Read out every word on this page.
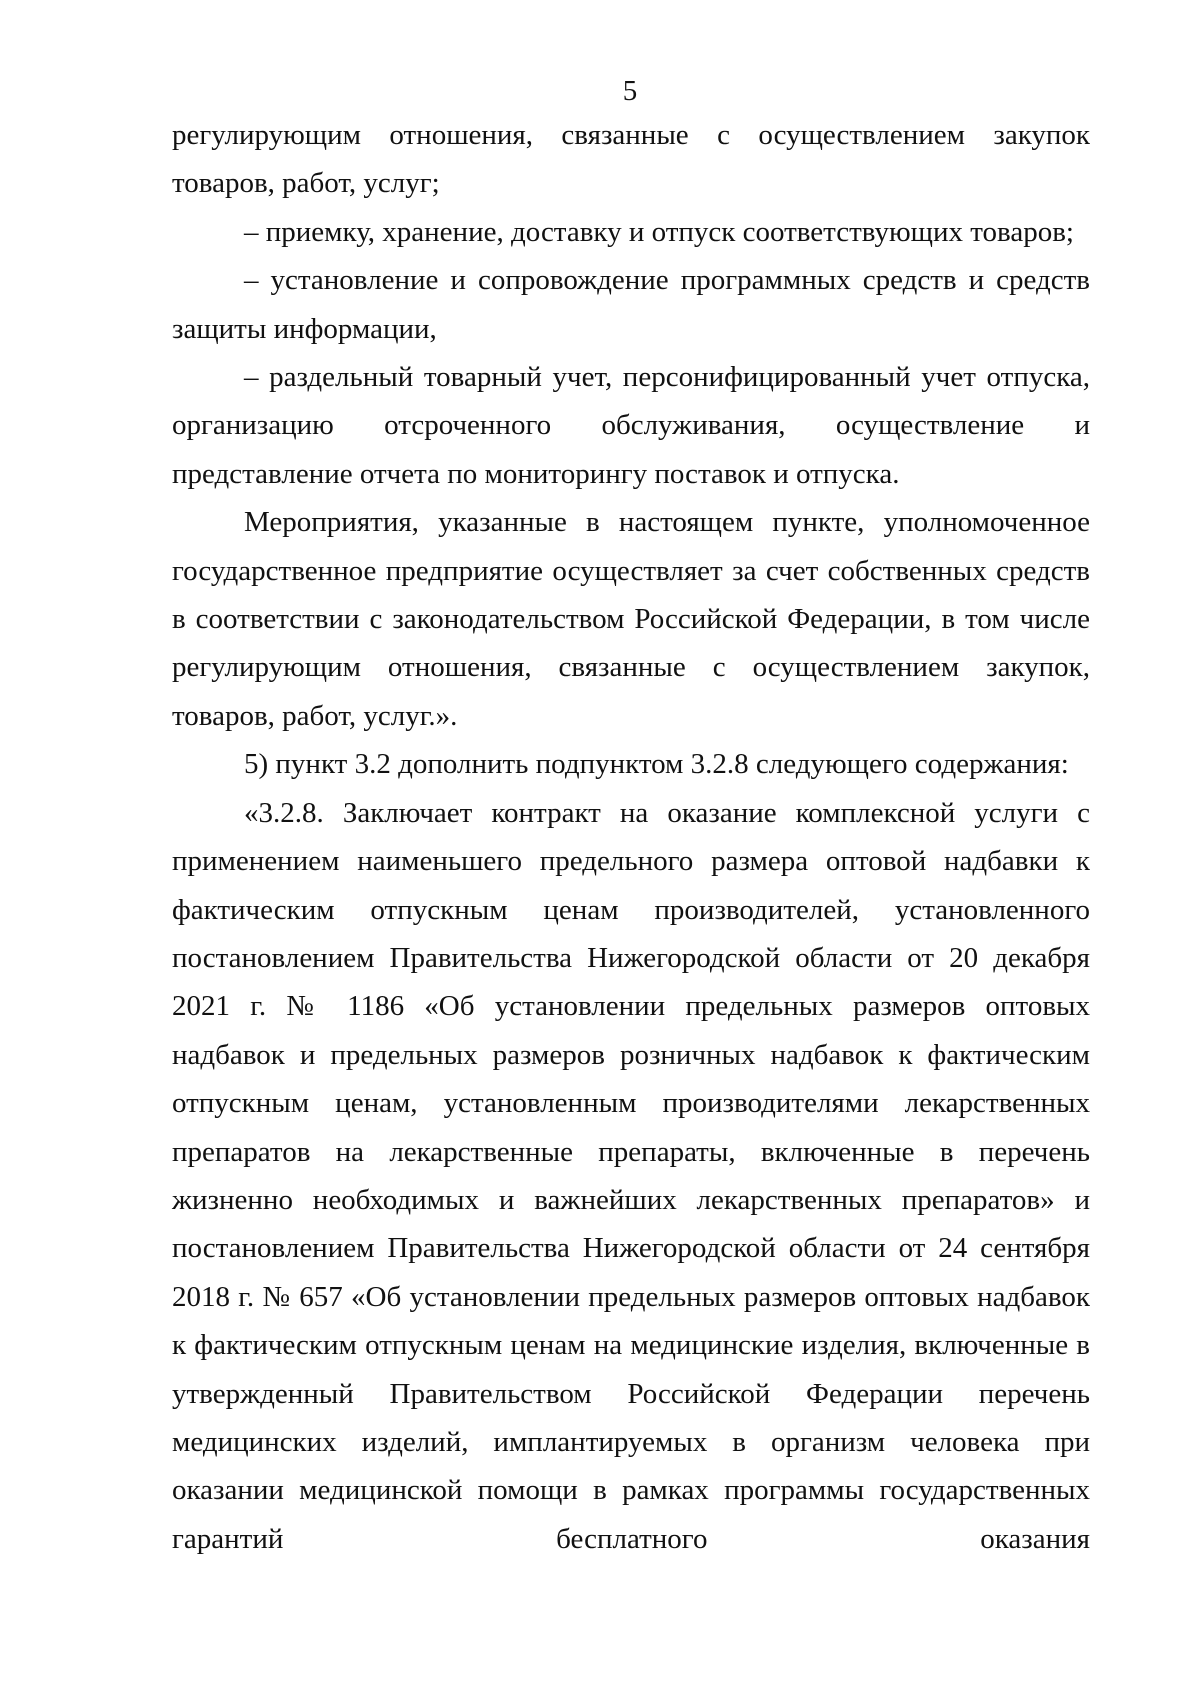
5

регулирующим отношения, связанные с осуществлением закупок товаров, работ, услуг;

– приемку, хранение, доставку и отпуск соответствующих товаров;

– установление и сопровождение программных средств и средств защиты информации,

– раздельный товарный учет, персонифицированный учет отпуска, организацию отсроченного обслуживания, осуществление и представление отчета по мониторингу поставок и отпуска.

Мероприятия, указанные в настоящем пункте, уполномоченное государственное предприятие осуществляет за счет собственных средств в соответствии с законодательством Российской Федерации, в том числе регулирующим отношения, связанные с осуществлением закупок, товаров, работ, услуг.».

5) пункт 3.2 дополнить подпунктом 3.2.8 следующего содержания:

«3.2.8. Заключает контракт на оказание комплексной услуги с применением наименьшего предельного размера оптовой надбавки к фактическим отпускным ценам производителей, установленного постановлением Правительства Нижегородской области от 20 декабря 2021 г. № 1186 «Об установлении предельных размеров оптовых надбавок и предельных размеров розничных надбавок к фактическим отпускным ценам, установленным производителями лекарственных препаратов на лекарственные препараты, включенные в перечень жизненно необходимых и важнейших лекарственных препаратов» и постановлением Правительства Нижегородской области от 24 сентября 2018 г. № 657 «Об установлении предельных размеров оптовых надбавок к фактическим отпускным ценам на медицинские изделия, включенные в утвержденный Правительством Российской Федерации перечень медицинских изделий, имплантируемых в организм человека при оказании медицинской помощи в рамках программы государственных гарантий бесплатного оказания
